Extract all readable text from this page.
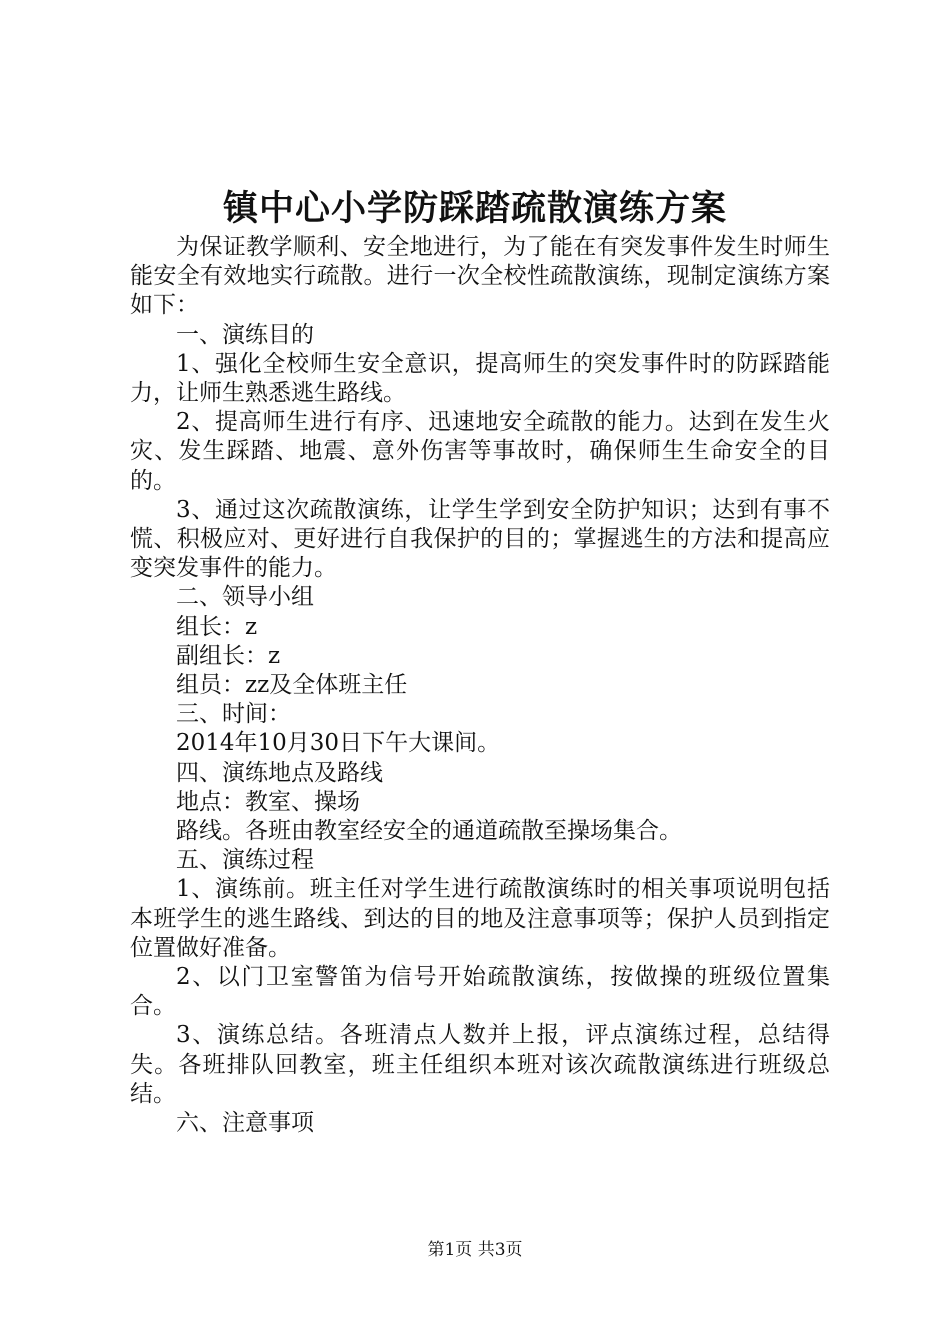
镇中心小学防踩踏疏散演练方案

为保证教学顺利、安全地进行，为了能在有突发事件发生时师生能安全有效地实行疏散。进行一次全校性疏散演练，现制定演练方案如下：

一、演练目的

1、强化全校师生安全意识，提高师生的突发事件时的防踩踏能力，让师生熟悉逃生路线。

2、提高师生进行有序、迅速地安全疏散的能力。达到在发生火灾、发生踩踏、地震、意外伤害等事故时，确保师生生命安全的目的。

3、通过这次疏散演练，让学生学到安全防护知识；达到有事不慌、积极应对、更好进行自我保护的目的；掌握逃生的方法和提高应变突发事件的能力。

二、领导小组

组长：z

副组长：z

组员：zz及全体班主任

三、时间：

2014年10月30日下午大课间。

四、演练地点及路线

地点：教室、操场

路线。各班由教室经安全的通道疏散至操场集合。

五、演练过程

1、演练前。班主任对学生进行疏散演练时的相关事项说明包括本班学生的逃生路线、到达的目的地及注意事项等；保护人员到指定位置做好准备。

2、以门卫室警笛为信号开始疏散演练，按做操的班级位置集合。

3、演练总结。各班清点人数并上报，评点演练过程，总结得失。各班排队回教室，班主任组织本班对该次疏散演练进行班级总结。

六、注意事项

第1页 共3页
